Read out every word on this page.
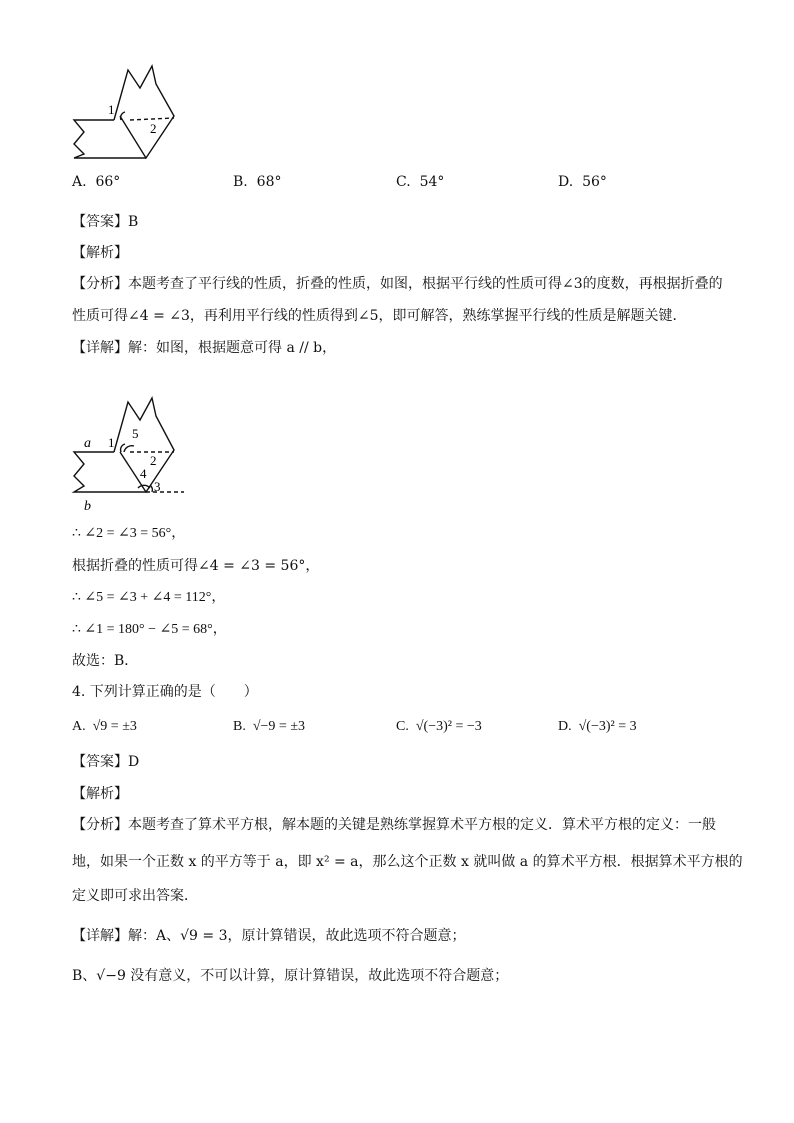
1
2
A. 66°	B. 68°	C. 54°	D. 56°
【答案】B
【解析】
【分析】本题考查了平行线的性质，折叠的性质，如图，根据平行线的性质可得∠3的度数，再根据折叠的
性质可得∠4 = ∠3，再利用平行线的性质得到∠5，即可解答，熟练掌握平行线的性质是解题关键．
【详解】解：如图，根据题意可得 a // b，
a
b
1
2
3
4
5
∴ ∠2 = ∠3 = 56°，
根据折叠的性质可得∠4 = ∠3 = 56°，
∴ ∠5 = ∠3 + ∠4 = 112°，
∴ ∠1 = 180° − ∠5 = 68°，
故选：B．
4. 下列计算正确的是（　　）
A. √9 = ±3	B. √−9 = ±3	C. √(−3)² = −3	D. √(−3)² = 3
【答案】D
【解析】
【分析】本题考查了算术平方根，解本题的关键是熟练掌握算术平方根的定义．算术平方根的定义：一般
地，如果一个正数 x 的平方等于 a，即 x² = a，那么这个正数 x 就叫做 a 的算术平方根．根据算术平方根的
定义即可求出答案．
【详解】解：A、√9 = 3，原计算错误，故此选项不符合题意；
B、√−9 没有意义，不可以计算，原计算错误，故此选项不符合题意；
